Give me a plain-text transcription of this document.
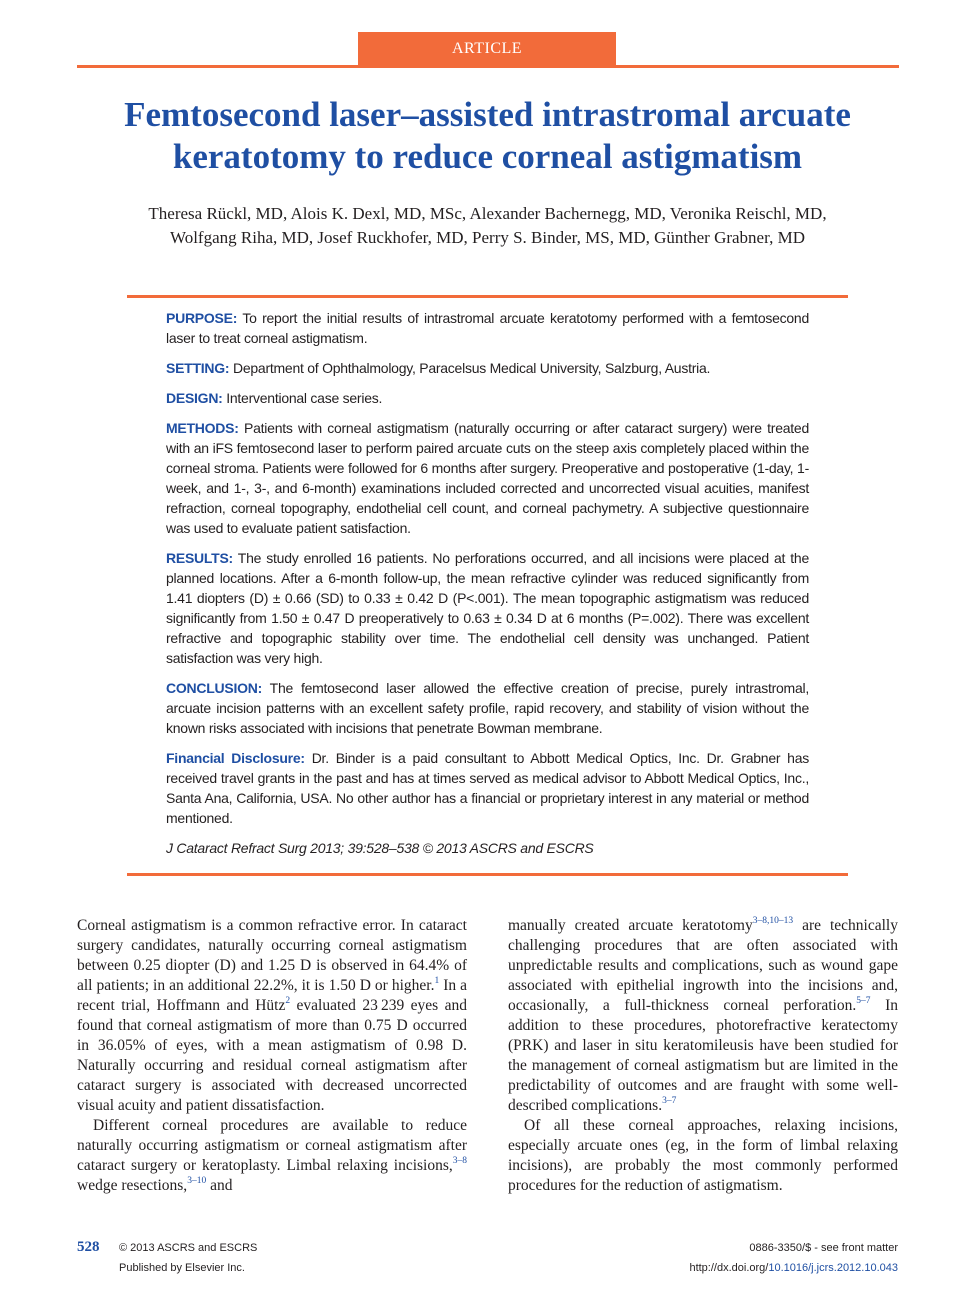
ARTICLE
Femtosecond laser–assisted intrastromal arcuate
keratotomy to reduce corneal astigmatism
Theresa Rückl, MD, Alois K. Dexl, MD, MSc, Alexander Bachernegg, MD, Veronika Reischl, MD,
Wolfgang Riha, MD, Josef Ruckhofer, MD, Perry S. Binder, MS, MD, Günther Grabner, MD

PURPOSE: To report the initial results of intrastromal arcuate keratotomy performed with a femtosecond laser to treat corneal astigmatism.

SETTING: Department of Ophthalmology, Paracelsus Medical University, Salzburg, Austria.

DESIGN: Interventional case series.

METHODS: Patients with corneal astigmatism (naturally occurring or after cataract surgery) were treated with an iFS femtosecond laser to perform paired arcuate cuts on the steep axis completely placed within the corneal stroma. Patients were followed for 6 months after surgery. Preoperative and postoperative (1-day, 1-week, and 1-, 3-, and 6-month) examinations included corrected and uncorrected visual acuities, manifest refraction, corneal topography, endothelial cell count, and corneal pachymetry. A subjective questionnaire was used to evaluate patient satisfaction.

RESULTS: The study enrolled 16 patients. No perforations occurred, and all incisions were placed at the planned locations. After a 6-month follow-up, the mean refractive cylinder was reduced significantly from 1.41 diopters (D) ± 0.66 (SD) to 0.33 ± 0.42 D (P<.001). The mean topographic astigmatism was reduced significantly from 1.50 ± 0.47 D preoperatively to 0.63 ± 0.34 D at 6 months (P=.002). There was excellent refractive and topographic stability over time. The endothelial cell density was unchanged. Patient satisfaction was very high.

CONCLUSION: The femtosecond laser allowed the effective creation of precise, purely intrastromal, arcuate incision patterns with an excellent safety profile, rapid recovery, and stability of vision without the known risks associated with incisions that penetrate Bowman membrane.

Financial Disclosure: Dr. Binder is a paid consultant to Abbott Medical Optics, Inc. Dr. Grabner has received travel grants in the past and has at times served as medical advisor to Abbott Medical Optics, Inc., Santa Ana, California, USA. No other author has a financial or proprietary interest in any material or method mentioned.

J Cataract Refract Surg 2013; 39:528–538 © 2013 ASCRS and ESCRS

Corneal astigmatism is a common refractive error. In cataract surgery candidates, naturally occurring corneal astigmatism between 0.25 diopter (D) and 1.25 D is observed in 64.4% of all patients; in an additional 22.2%, it is 1.50 D or higher.$^1$ In a recent trial, Hoffmann and Hütz$^2$ evaluated 23 239 eyes and found that corneal astigmatism of more than 0.75 D occurred in 36.05% of eyes, with a mean astigmatism of 0.98 D. Naturally occurring and residual corneal astigmatism after cataract surgery is associated with decreased uncorrected visual acuity and patient dissatisfaction.

Different corneal procedures are available to reduce naturally occurring astigmatism or corneal astigmatism after cataract surgery or keratoplasty. Limbal relaxing incisions,$^{3-8}$ wedge resections,$^{3-10}$ and

manually created arcuate keratotomy$^{3-8,10-13}$ are technically challenging procedures that are often associated with unpredictable results and complications, such as wound gape associated with epithelial ingrowth into the incisions and, occasionally, a full-thickness corneal perforation.$^{5-7}$ In addition to these procedures, photorefractive keratectomy (PRK) and laser in situ keratomileusis have been studied for the management of corneal astigmatism but are limited in the predictability of outcomes and are fraught with some well-described complications.$^{3-7}$

Of all these corneal approaches, relaxing incisions, especially arcuate ones (eg, in the form of limbal relaxing incisions), are probably the most commonly performed procedures for the reduction of astigmatism.

528 © 2013 ASCRS and ESCRS
Published by Elsevier Inc.
0886-3350/$ - see front matter
http://dx.doi.org/10.1016/j.jcrs.2012.10.043
